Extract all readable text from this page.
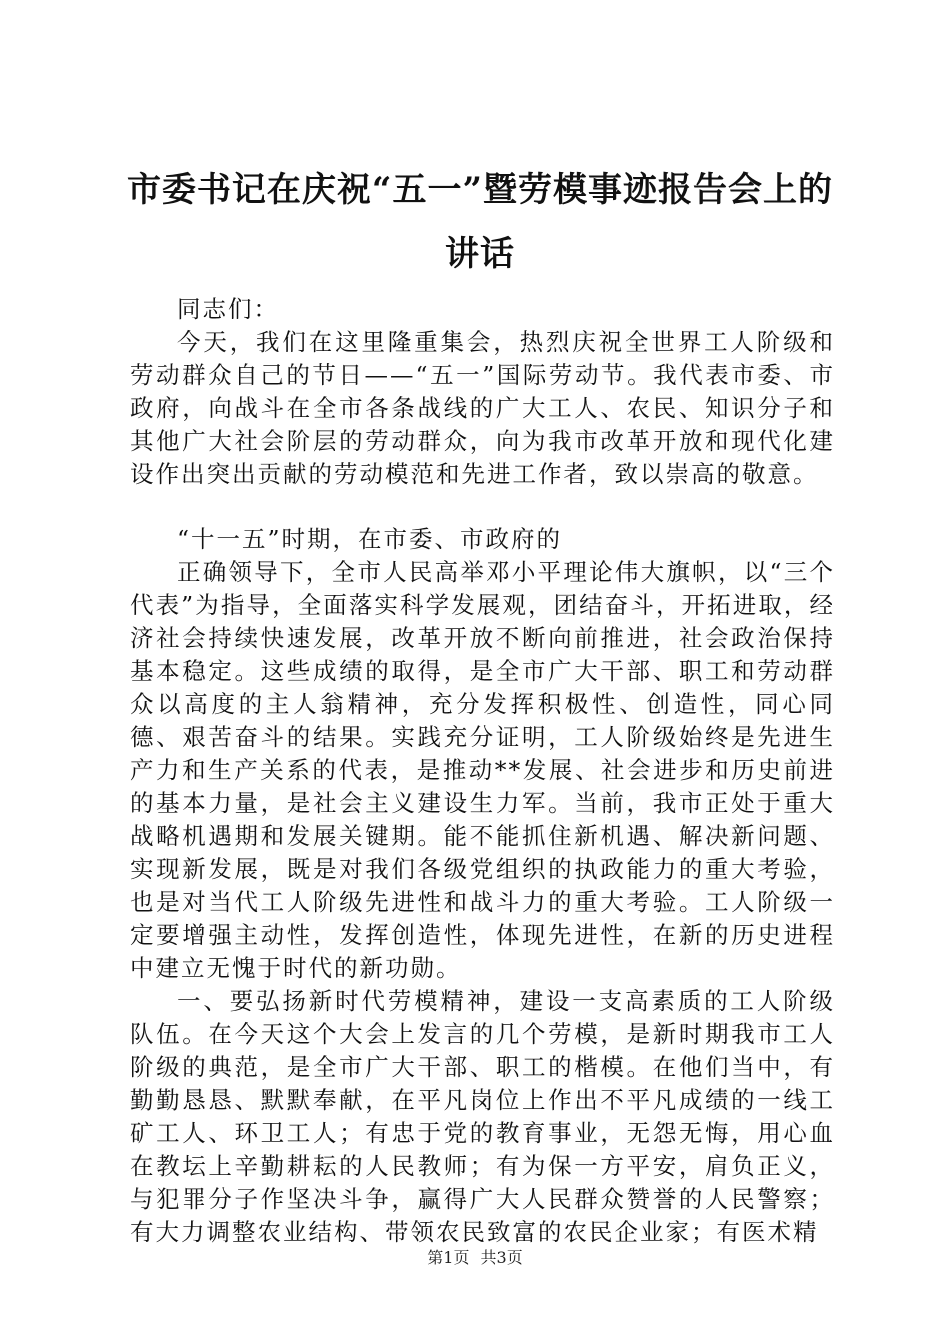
市委书记在庆祝“五一”暨劳模事迹报告会上的讲话

同志们：

今天，我们在这里隆重集会，热烈庆祝全世界工人阶级和劳动群众自己的节日——“五一”国际劳动节。我代表市委、市政府，向战斗在全市各条战线的广大工人、农民、知识分子和其他广大社会阶层的劳动群众，向为我市改革开放和现代化建设作出突出贡献的劳动模范和先进工作者，致以崇高的敬意。

“十一五”时期，在市委、市政府的

正确领导下，全市人民高举邓小平理论伟大旗帜，以“三个代表”为指导，全面落实科学发展观，团结奋斗，开拓进取，经济社会持续快速发展，改革开放不断向前推进，社会政治保持基本稳定。这些成绩的取得，是全市广大干部、职工和劳动群众以高度的主人翁精神，充分发挥积极性、创造性，同心同德、艰苦奋斗的结果。实践充分证明，工人阶级始终是先进生产力和生产关系的代表，是推动**发展、社会进步和历史前进的基本力量，是社会主义建设生力军。当前，我市正处于重大战略机遇期和发展关键期。能不能抓住新机遇、解决新问题、实现新发展，既是对我们各级党组织的执政能力的重大考验，也是对当代工人阶级先进性和战斗力的重大考验。工人阶级一定要增强主动性，发挥创造性，体现先进性，在新的历史进程中建立无愧于时代的新功勋。

一、要弘扬新时代劳模精神，建设一支高素质的工人阶级队伍。在今天这个大会上发言的几个劳模，是新时期我市工人阶级的典范，是全市广大干部、职工的楷模。在他们当中，有勤勤恳恳、默默奉献，在平凡岗位上作出不平凡成绩的一线工矿工人、环卫工人；有忠于党的教育事业，无怨无悔，用心血在教坛上辛勤耕耘的人民教师；有为保一方平安，肩负正义，与犯罪分子作坚决斗争，赢得广大人民群众赞誉的人民警察；有大力调整农业结构、带领农民致富的农民企业家；有医术精

第1页 共3页
